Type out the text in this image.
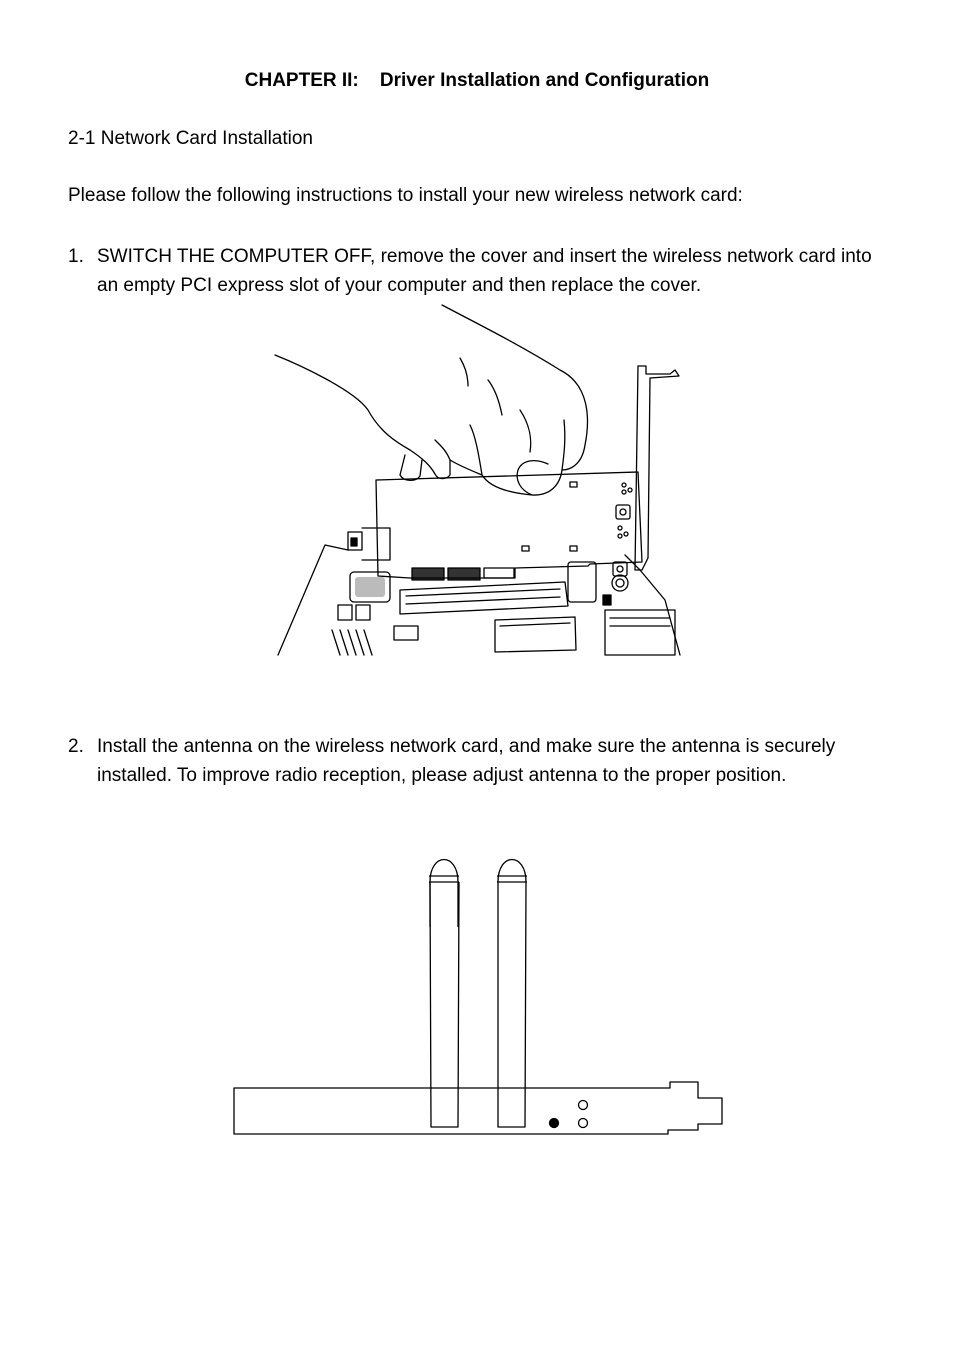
CHAPTER II:    Driver Installation and Configuration
2-1 Network Card Installation
Please follow the following instructions to install your new wireless network card:
1. SWITCH THE COMPUTER OFF, remove the cover and insert the wireless network card into an empty PCI express slot of your computer and then replace the cover.
2. Install the antenna on the wireless network card, and make sure the antenna is securely installed. To improve radio reception, please adjust antenna to the proper position.
